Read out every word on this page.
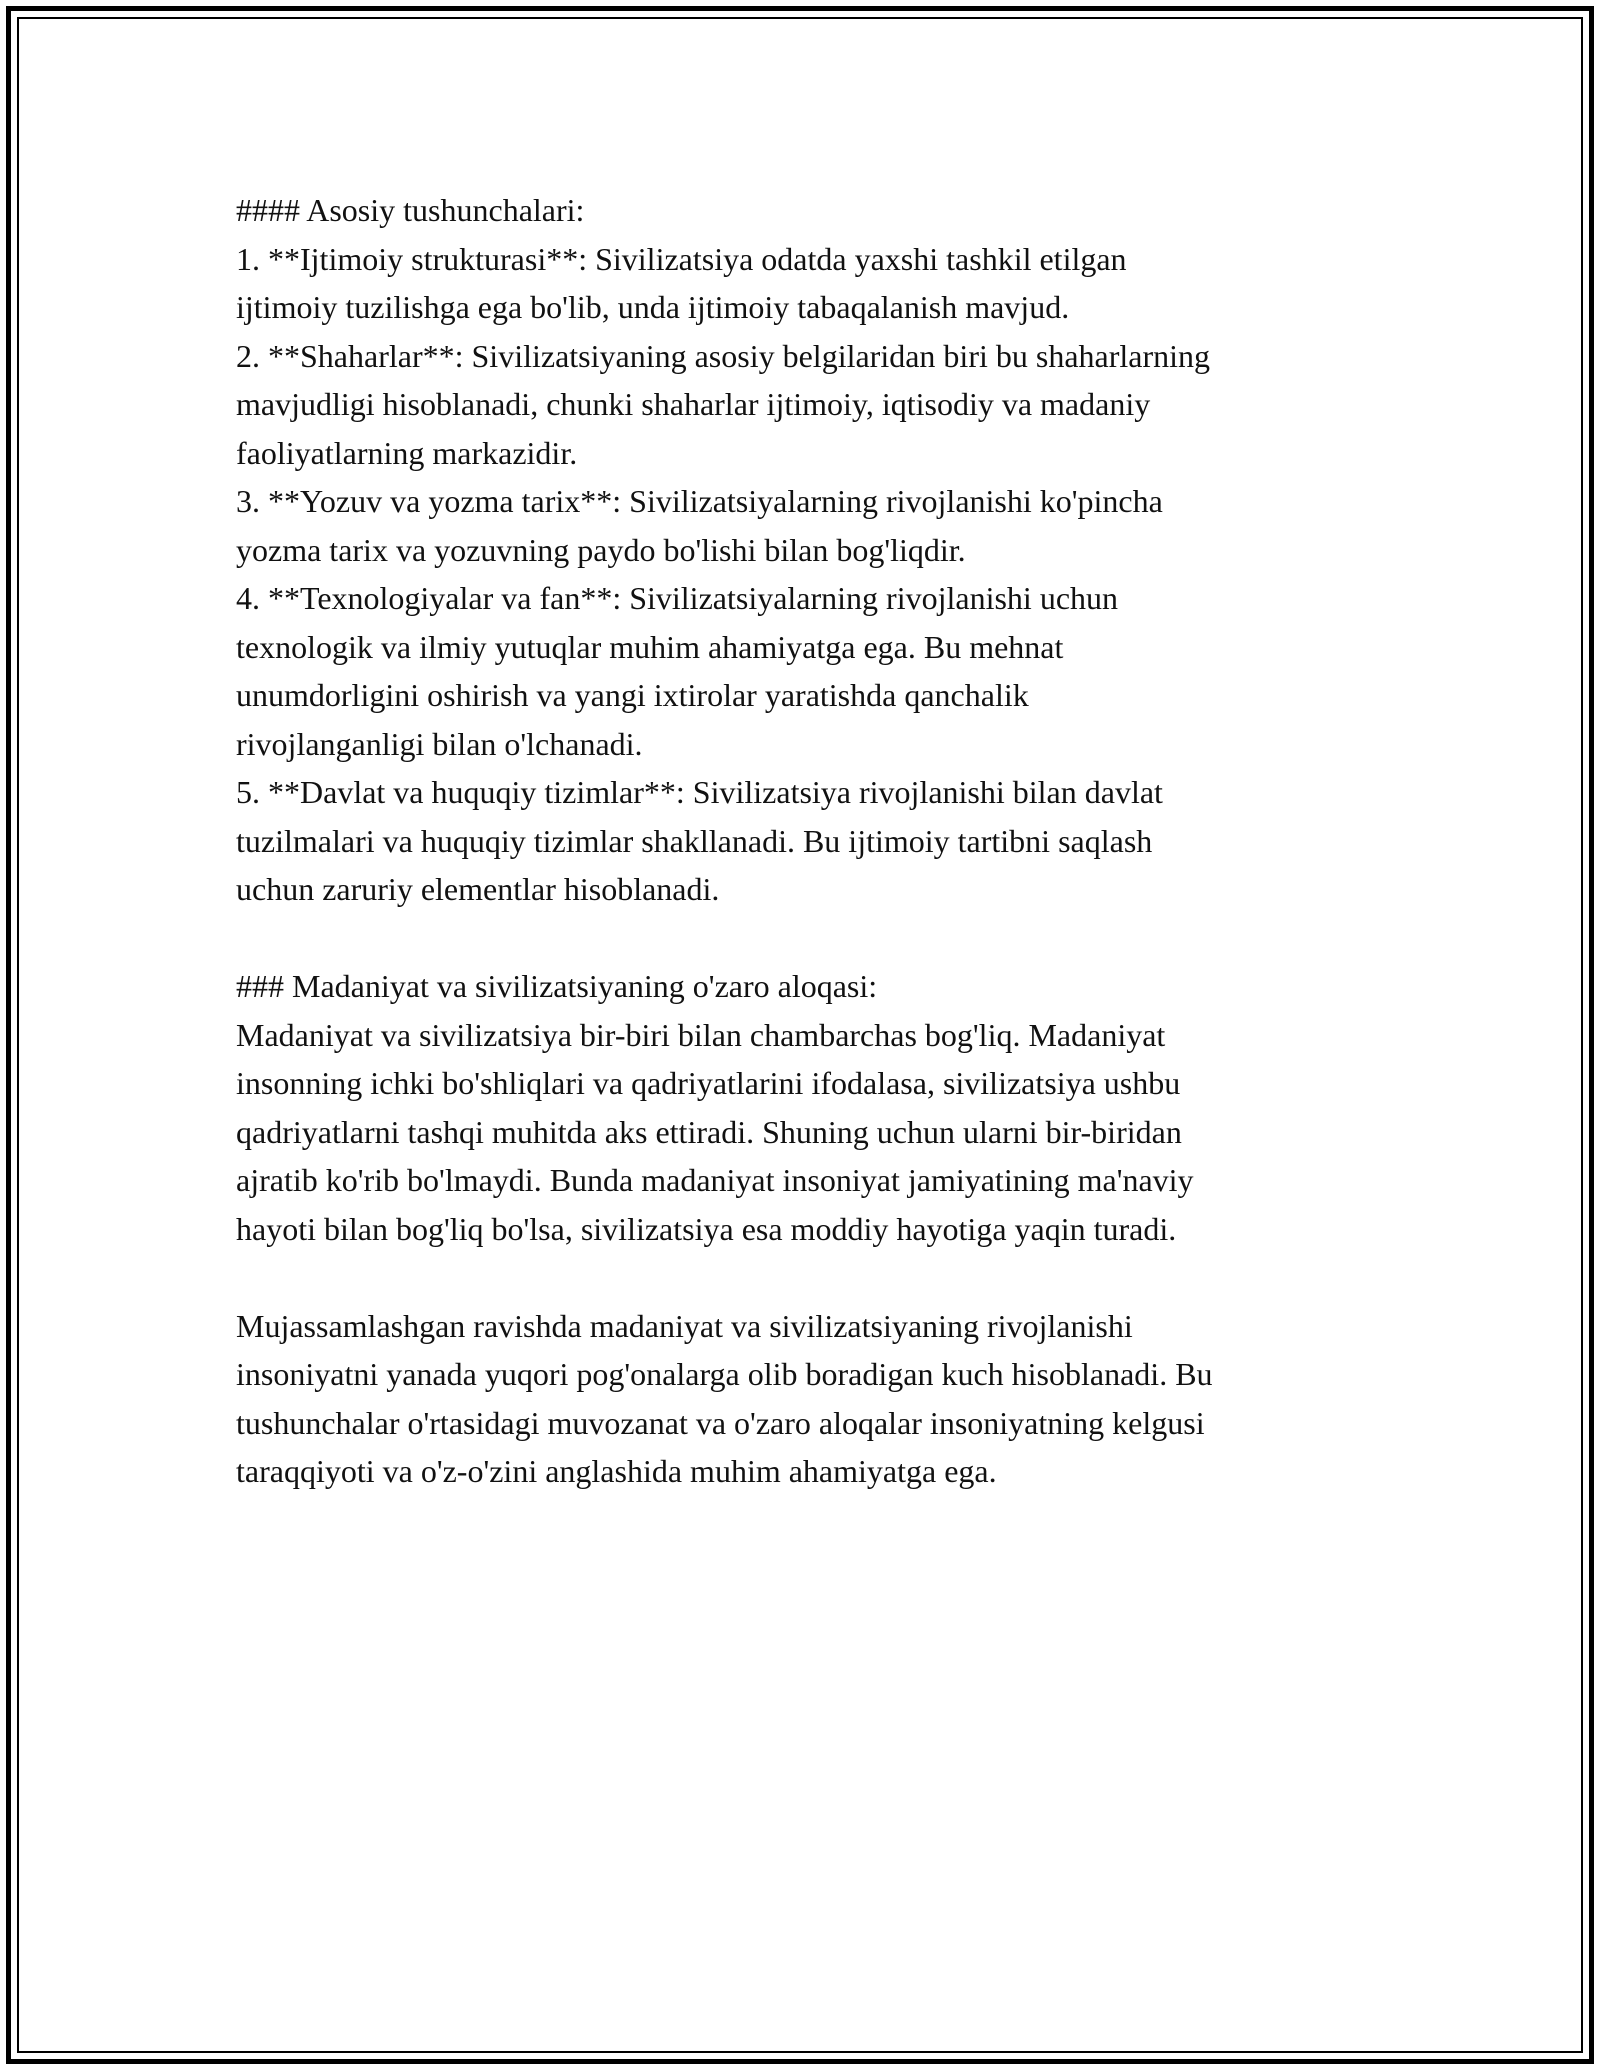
#### Asosiy tushunchalari:
1. **Ijtimoiy strukturasi**: Sivilizatsiya odatda yaxshi tashkil etilgan
ijtimoiy tuzilishga ega bo'lib, unda ijtimoiy tabaqalanish mavjud.
2. **Shaharlar**: Sivilizatsiyaning asosiy belgilaridan biri bu shaharlarning
mavjudligi hisoblanadi, chunki shaharlar ijtimoiy, iqtisodiy va madaniy
faoliyatlarning markazidir.
3. **Yozuv va yozma tarix**: Sivilizatsiyalarning rivojlanishi ko'pincha
yozma tarix va yozuvning paydo bo'lishi bilan bog'liqdir.
4. **Texnologiyalar va fan**: Sivilizatsiyalarning rivojlanishi uchun
texnologik va ilmiy yutuqlar muhim ahamiyatga ega. Bu mehnat
unumdorligini oshirish va yangi ixtirolar yaratishda qanchalik
rivojlanganligi bilan o'lchanadi.
5. **Davlat va huquqiy tizimlar**: Sivilizatsiya rivojlanishi bilan davlat
tuzilmalari va huquqiy tizimlar shakllanadi. Bu ijtimoiy tartibni saqlash
uchun zaruriy elementlar hisoblanadi.
### Madaniyat va sivilizatsiyaning o'zaro aloqasi:
Madaniyat va sivilizatsiya bir-biri bilan chambarchas bog'liq. Madaniyat
insonning ichki bo'shliqlari va qadriyatlarini ifodalasa, sivilizatsiya ushbu
qadriyatlarni tashqi muhitda aks ettiradi. Shuning uchun ularni bir-biridan
ajratib ko'rib bo'lmaydi. Bunda madaniyat insoniyat jamiyatining ma'naviy
hayoti bilan bog'liq bo'lsa, sivilizatsiya esa moddiy hayotiga yaqin turadi.
Mujassamlashgan ravishda madaniyat va sivilizatsiyaning rivojlanishi
insoniyatni yanada yuqori pog'onalarga olib boradigan kuch hisoblanadi. Bu
tushunchalar o'rtasidagi muvozanat va o'zaro aloqalar insoniyatning kelgusi
taraqqiyoti va o'z-o'zini anglashida muhim ahamiyatga ega.
